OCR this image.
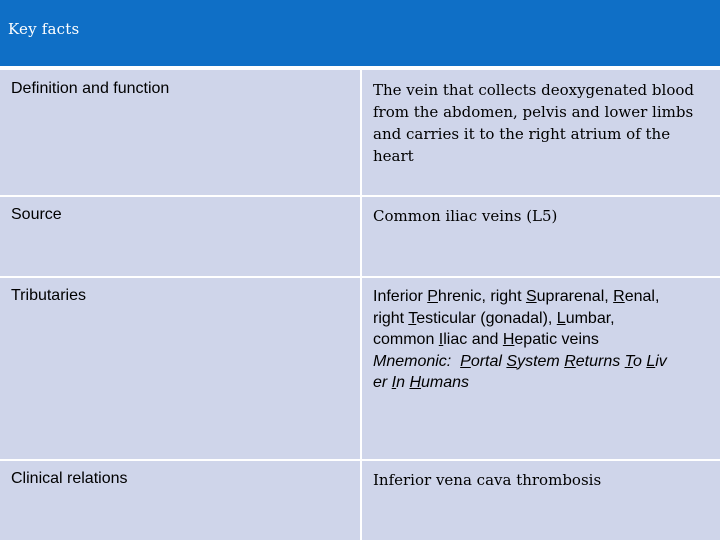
Key facts
Definition and function	The vein that collects deoxygenated blood
from the abdomen, pelvis and lower limbs
and carries it to the right atrium of the
heart
Source	Common iliac veins (L5)
Tributaries	Inferior Phrenic, right Suprarenal, Renal,
right Testicular (gonadal), Lumbar,
common Iliac and Hepatic veins
Mnemonic: Portal System Returns To Liv
er In Humans
Clinical relations	Inferior vena cava thrombosis
